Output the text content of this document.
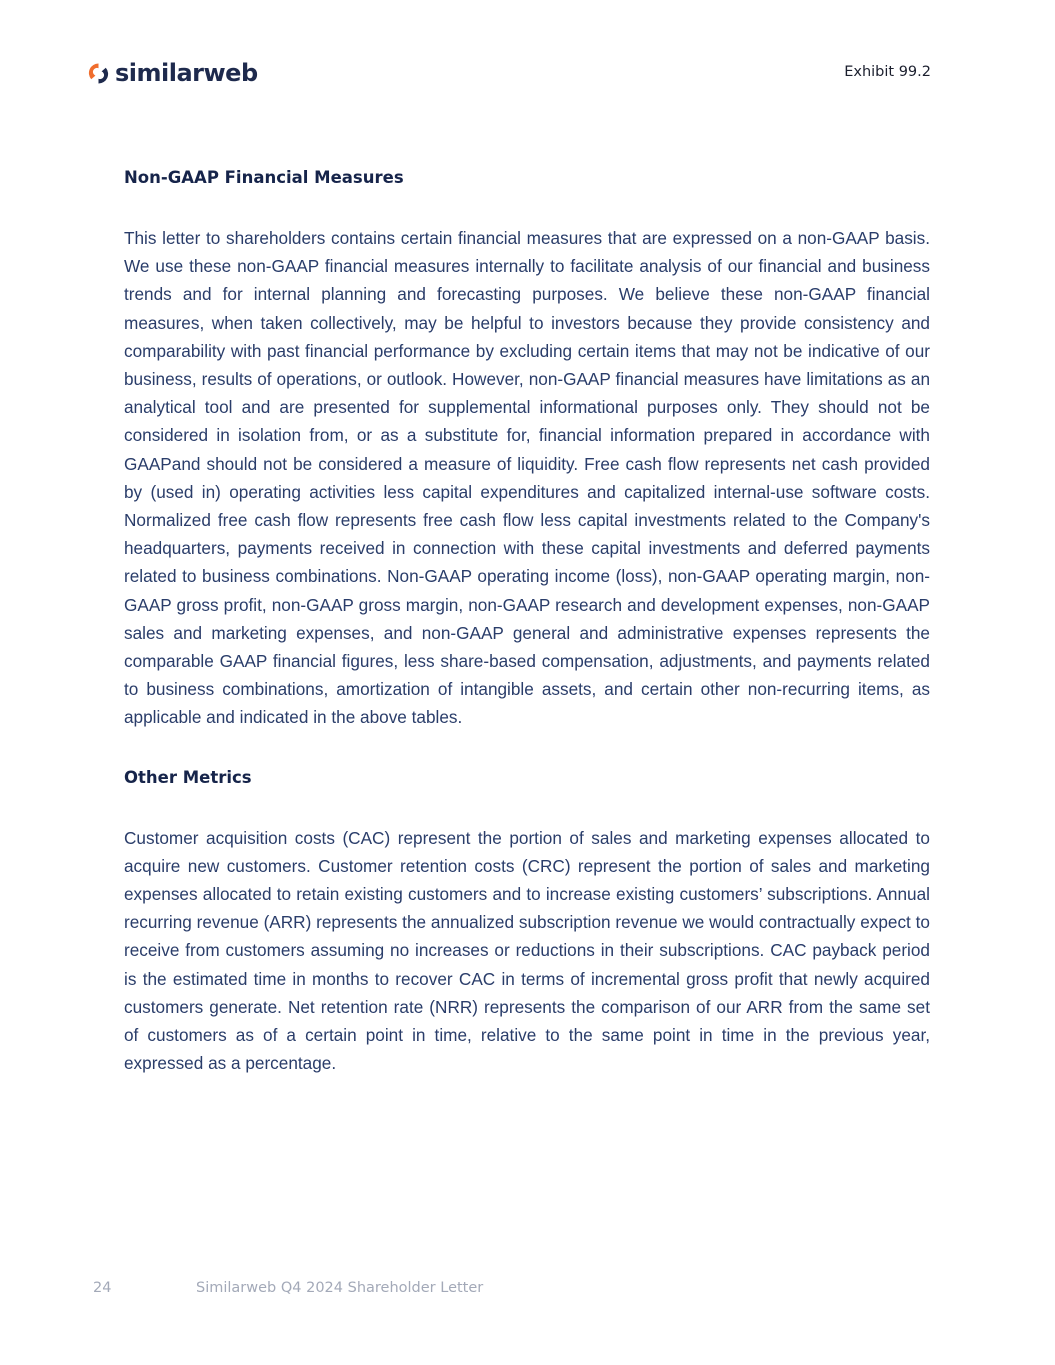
similarweb	Exhibit 99.2
Non-GAAP Financial Measures

This letter to shareholders contains certain financial measures that are expressed on a non-GAAP basis. We use these non-GAAP financial measures internally to facilitate analysis of our financial and business trends and for internal planning and forecasting purposes. We believe these non-GAAP financial measures, when taken collectively, may be helpful to investors because they provide consistency and comparability with past financial performance by excluding certain items that may not be indicative of our business, results of operations, or outlook. However, non-GAAP financial measures have limitations as an analytical tool and are presented for supplemental informational purposes only. They should not be considered in isolation from, or as a substitute for, financial information prepared in accordance with GAAPand should not be considered a measure of liquidity. Free cash flow represents net cash provided by (used in) operating activities less capital expenditures and capitalized internal-use software costs. Normalized free cash flow represents free cash flow less capital investments related to the Company's headquarters, payments received in connection with these capital investments and deferred payments related to business combinations. Non-GAAP operating income (loss), non-GAAP operating margin, non-GAAP gross profit, non-GAAP gross margin, non-GAAP research and development expenses, non-GAAP sales and marketing expenses, and non-GAAP general and administrative expenses represents the comparable GAAP financial figures, less share-based compensation, adjustments, and payments related to business combinations, amortization of intangible assets, and certain other non-recurring items, as applicable and indicated in the above tables.

Other Metrics

Customer acquisition costs (CAC) represent the portion of sales and marketing expenses allocated to acquire new customers. Customer retention costs (CRC) represent the portion of sales and marketing expenses allocated to retain existing customers and to increase existing customers’ subscriptions. Annual recurring revenue (ARR) represents the annualized subscription revenue we would contractually expect to receive from customers assuming no increases or reductions in their subscriptions. CAC payback period is the estimated time in months to recover CAC in terms of incremental gross profit that newly acquired customers generate. Net retention rate (NRR) represents the comparison of our ARR from the same set of customers as of a certain point in time, relative to the same point in time in the previous year, expressed as a percentage.

24	Similarweb Q4 2024 Shareholder Letter
